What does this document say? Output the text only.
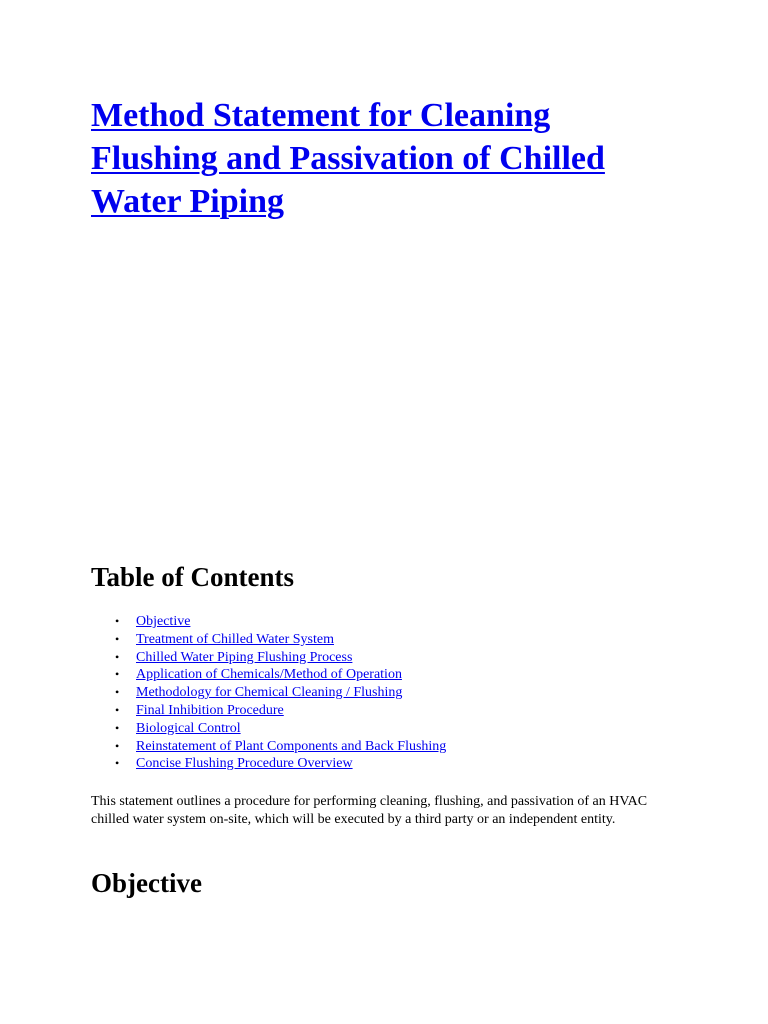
Method Statement for Cleaning
Flushing and Passivation of Chilled
Water Piping
Table of Contents
• Objective
• Treatment of Chilled Water System
• Chilled Water Piping Flushing Process
• Application of Chemicals/Method of Operation
• Methodology for Chemical Cleaning / Flushing
• Final Inhibition Procedure
• Biological Control
• Reinstatement of Plant Components and Back Flushing
• Concise Flushing Procedure Overview

This statement outlines a procedure for performing cleaning, flushing, and passivation of an HVAC chilled water system on-site, which will be executed by a third party or an independent entity.

Objective
